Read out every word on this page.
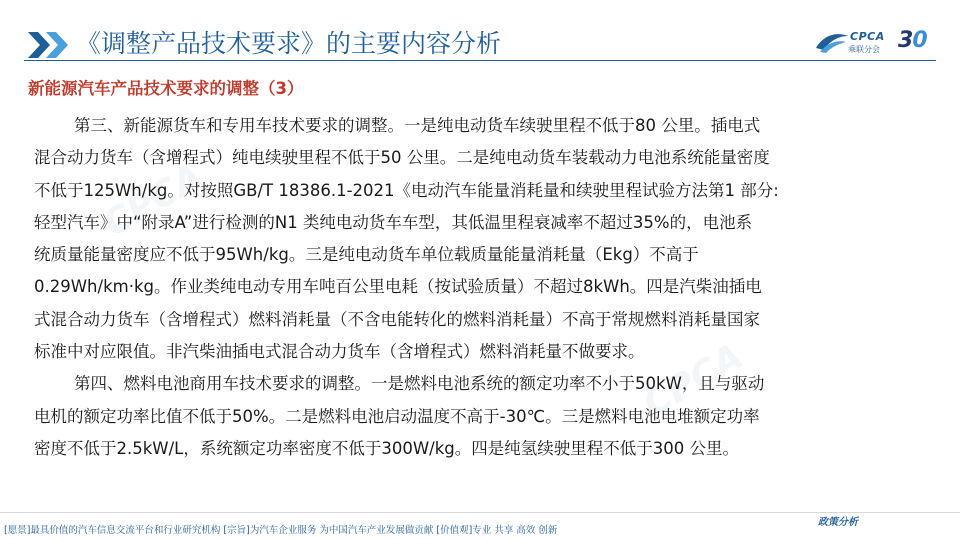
《调整产品技术要求》的主要内容分析	CPCA
乘联分会 30
CPCA
CPCA
新能源汽车产品技术要求的调整（3）

第三、新能源货车和专用车技术要求的调整。一是纯电动货车续驶里程不低于80 公里。插电式
混合动力货车（含增程式）纯电续驶里程不低于50 公里。二是纯电动货车装载动力电池系统能量密度
不低于125Wh/kg。对按照GB/T 18386.1-2021《电动汽车能量消耗量和续驶里程试验方法第1 部分:
轻型汽车》中“附录A”进行检测的N1 类纯电动货车车型，其低温里程衰减率不超过35%的，电池系
统质量能量密度应不低于95Wh/kg。三是纯电动货车单位载质量能量消耗量（Ekg）不高于
0.29Wh/km·kg。作业类纯电动专用车吨百公里电耗（按试验质量）不超过8kWh。四是汽柴油插电
式混合动力货车（含增程式）燃料消耗量（不含电能转化的燃料消耗量）不高于常规燃料消耗量国家
标准中对应限值。非汽柴油插电式混合动力货车（含增程式）燃料消耗量不做要求。

第四、燃料电池商用车技术要求的调整。一是燃料电池系统的额定功率不小于50kW，且与驱动
电机的额定功率比值不低于50%。二是燃料电池启动温度不高于-30℃。三是燃料电池电堆额定功率
密度不低于2.5kW/L，系统额定功率密度不低于300W/kg。四是纯氢续驶里程不低于300 公里。

[愿景]最具价值的汽车信息交流平台和行业研究机构 [宗旨]为汽车企业服务 为中国汽车产业发展做贡献 [价值观]专业 共享 高效 创新
政策分析
